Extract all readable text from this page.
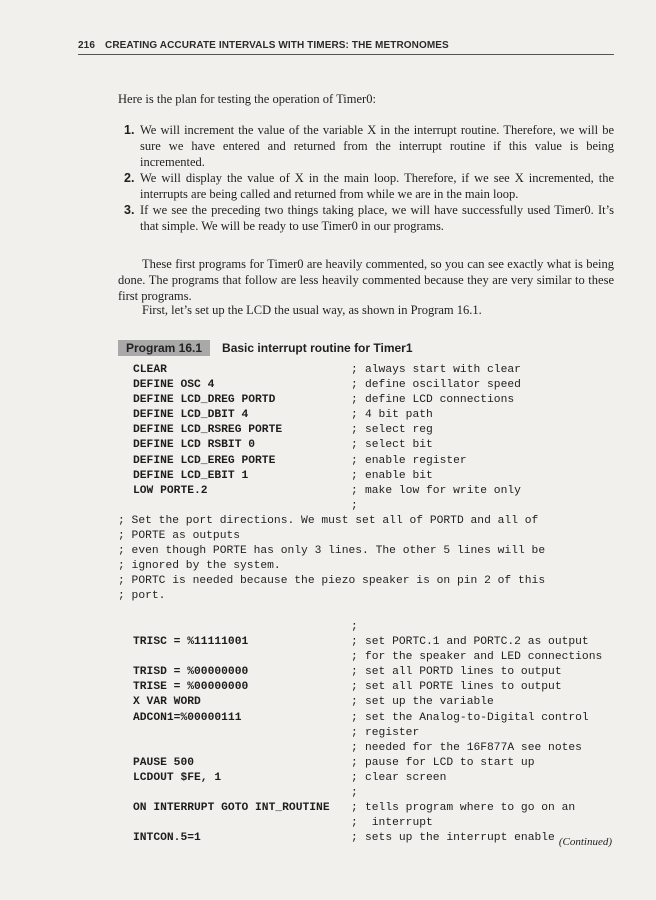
216 CREATING ACCURATE INTERVALS WITH TIMERS: THE METRONOMES
Here is the plan for testing the operation of Timer0:
1. We will increment the value of the variable X in the interrupt routine. Therefore, we will be sure we have entered and returned from the interrupt routine if this value is being incremented.
2. We will display the value of X in the main loop. Therefore, if we see X incremented, the interrupts are being called and returned from while we are in the main loop.
3. If we see the preceding two things taking place, we will have successfully used Timer0. It’s that simple. We will be ready to use Timer0 in our programs.
These first programs for Timer0 are heavily commented, so you can see exactly what is being done. The programs that follow are less heavily commented because they are very similar to these first programs.
First, let’s set up the LCD the usual way, as shown in Program 16.1.
Program 16.1 Basic interrupt routine for Timer1
CLEAR	; always start with clear
DEFINE OSC 4	; define oscillator speed
DEFINE LCD_DREG PORTD	; define LCD connections
DEFINE LCD_DBIT 4	; 4 bit path
DEFINE LCD_RSREG PORTE	; select reg
DEFINE LCD RSBIT 0	; select bit
DEFINE LCD_EREG PORTE	; enable register
DEFINE LCD_EBIT 1	; enable bit
LOW PORTE.2	; make low for write only
;
; Set the port directions. We must set all of PORTD and all of
; PORTE as outputs
; even though PORTE has only 3 lines. The other 5 lines will be
; ignored by the system.
; PORTC is needed because the piezo speaker is on pin 2 of this
; port.
;
TRISC = %11111001	; set PORTC.1 and PORTC.2 as output
; for the speaker and LED connections
TRISD = %00000000	; set all PORTD lines to output
TRISE = %00000000	; set all PORTE lines to output
X VAR WORD	; set up the variable
ADCON1=%00000111	; set the Analog-to-Digital control
; register
; needed for the 16F877A see notes
PAUSE 500	; pause for LCD to start up
LCDOUT $FE, 1	; clear screen
;
ON INTERRUPT GOTO INT_ROUTINE	; tells program where to go on an
; interrupt
INTCON.5=1	; sets up the interrupt enable (Continued)
